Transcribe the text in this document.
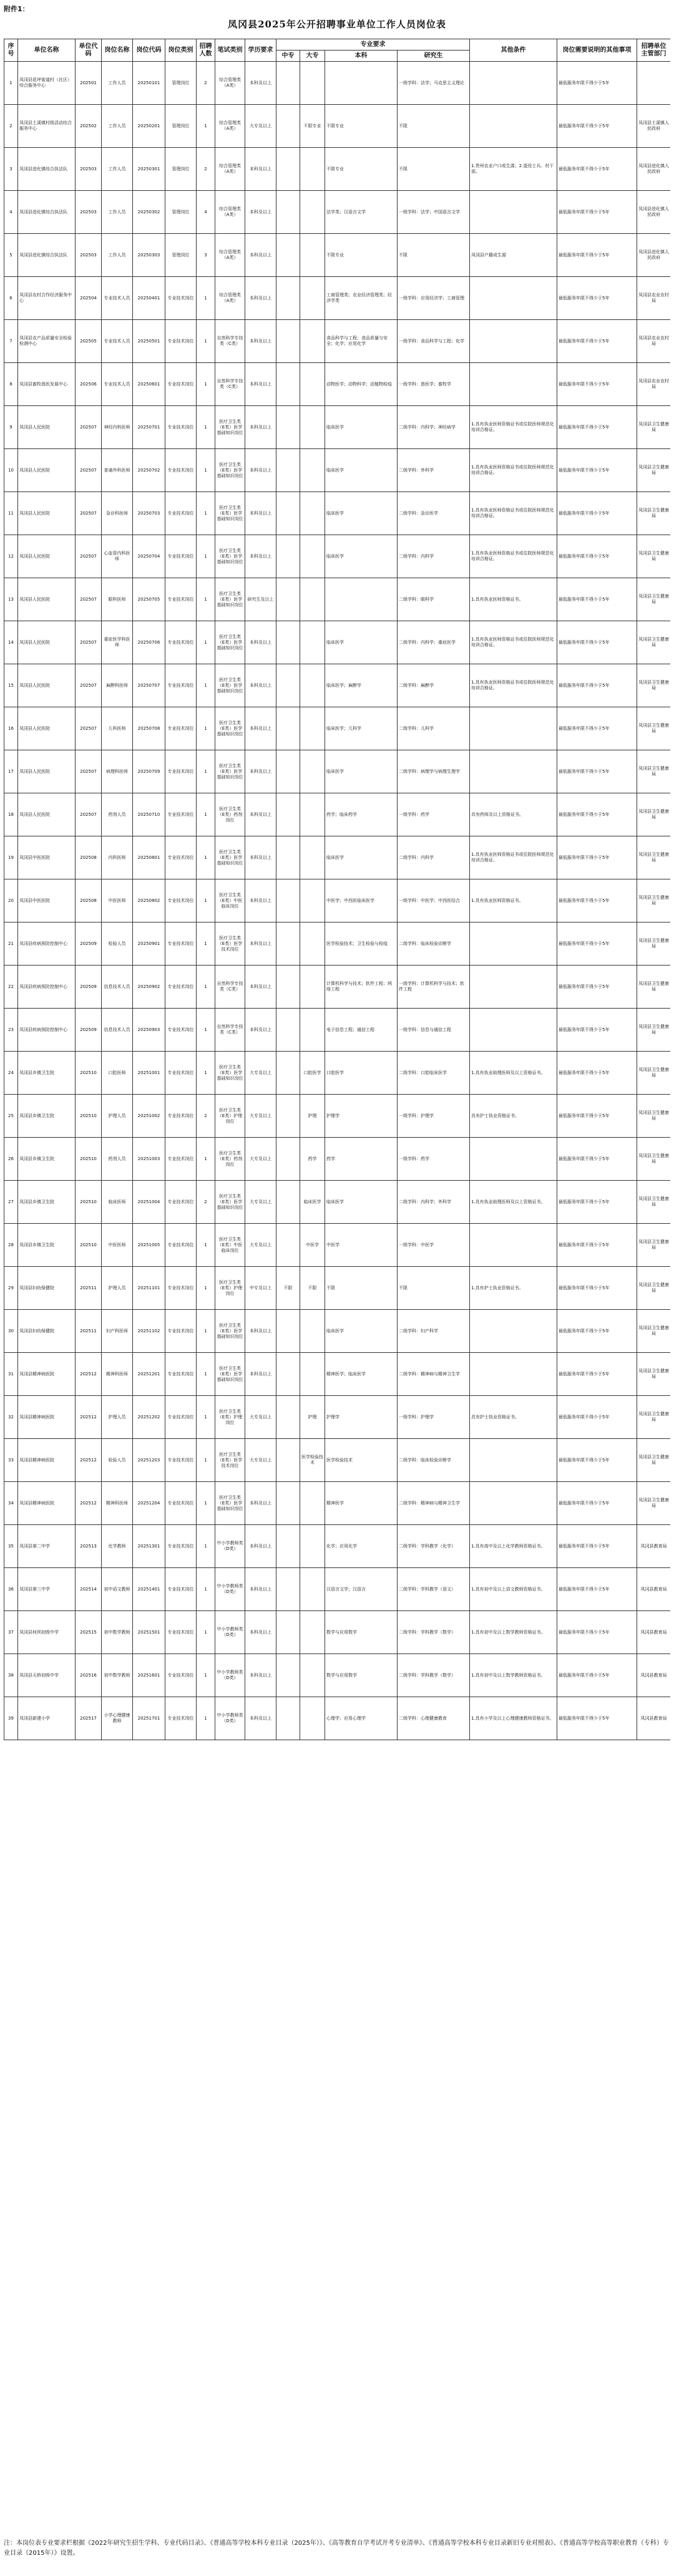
附件1：
凤冈县2025年公开招聘事业单位工作人员岗位表
序号	单位名称	单位代码	岗位名称	岗位代码	岗位类别	招聘人数	笔试类别	学历要求	专业要求				其他条件	岗位需要说明的其他事项	招聘单位主管部门
									中专	大专	本科	研究生			
1	凤冈县花坪街道村（社区）综合服务中心	202501	工作人员	20250101	管理岗位	2	综合管理类（A类）	本科及以上				一级学科：法学；马克思主义理论		最低服务年限不得少于5年	
2	凤冈县土溪镇村级活动综合服务中心	202502	工作人员	20250201	管理岗位	1	综合管理类（A类）	大专及以上		不限专业	不限专业	不限		最低服务年限不得少于5年	凤冈县土溪镇人民政府
3	凤冈县进化镇综合执法队	202503	工作人员	20250301	管理岗位	2	综合管理类（A类）	本科及以上			不限专业	不限	1.贵州农业户口或生源；2.退役士兵、村干部。	最低服务年限不得少于5年	凤冈县进化镇人民政府
4	凤冈县进化镇综合执法队	202503	工作人员	20250302	管理岗位	4	综合管理类（A类）	本科及以上			法学类；汉语言文学	一级学科：法学；中国语言文学		最低服务年限不得少于5年	凤冈县进化镇人民政府
5	凤冈县进化镇综合执法队	202503	工作人员	20250303	管理岗位	3	综合管理类（A类）	本科及以上			不限专业	不限	凤冈县户籍或生源	最低服务年限不得少于5年	凤冈县进化镇人民政府
6	凤冈县农村合作经济服务中心	202504	专业技术人员	20250401	专业技术岗位	1	综合管理类（A类）	本科及以上			工商管理类；农业经济管理类；经济学类	一级学科：应用经济学；工商管理		最低服务年限不得少于5年	凤冈县农业农村局
7	凤冈县农产品质量安全检验检测中心	202505	专业技术人员	20250501	专业技术岗位	1	自然科学专技类（C类）	本科及以上			食品科学与工程；食品质量与安全；化学；应用化学	一级学科：食品科学与工程；化学		最低服务年限不得少于5年	凤冈县农业农村局
8	凤冈县畜牧兽医发展中心	202506	专业技术人员	20250601	专业技术岗位	1	自然科学专技类（C类）	本科及以上			动物医学；动物科学；动植物检疫	一级学科：兽医学；畜牧学		最低服务年限不得少于5年	凤冈县农业农村局
9	凤冈县人民医院	202507	神经内科医师	20250701	专业技术岗位	1	医疗卫生类（E类）医学基础知识岗位	本科及以上			临床医学	二级学科：内科学；神经病学	1.具有执业医师资格证书或住院医师规范化培训合格证。	最低服务年限不得少于5年	凤冈县卫生健康局
10	凤冈县人民医院	202507	普通外科医师	20250702	专业技术岗位	1	医疗卫生类（E类）医学基础知识岗位	本科及以上			临床医学	二级学科：外科学	1.具有执业医师资格证书或住院医师规范化培训合格证。	最低服务年限不得少于5年	凤冈县卫生健康局
11	凤冈县人民医院	202507	急诊科医师	20250703	专业技术岗位	1	医疗卫生类（E类）医学基础知识岗位	本科及以上			临床医学	二级学科：急诊医学	1.具有执业医师资格证书或住院医师规范化培训合格证。	最低服务年限不得少于5年	凤冈县卫生健康局
12	凤冈县人民医院	202507	心血管内科医师	20250704	专业技术岗位	1	医疗卫生类（E类）医学基础知识岗位	本科及以上			临床医学	二级学科：内科学	1.具有执业医师资格证书或住院医师规范化培训合格证。	最低服务年限不得少于5年	凤冈县卫生健康局
13	凤冈县人民医院	202507	眼科医师	20250705	专业技术岗位	1	医疗卫生类（E类）医学基础知识岗位	研究生及以上				二级学科：眼科学	1.具有执业医师资格证书。	最低服务年限不得少于5年	凤冈县卫生健康局
14	凤冈县人民医院	202507	重症医学科医师	20250706	专业技术岗位	1	医疗卫生类（E类）医学基础知识岗位	本科及以上			临床医学	二级学科：内科学；重症医学	1.具有执业医师资格证书或住院医师规范化培训合格证。	最低服务年限不得少于5年	凤冈县卫生健康局
15	凤冈县人民医院	202507	麻醉科医师	20250707	专业技术岗位	1	医疗卫生类（E类）医学基础知识岗位	本科及以上			临床医学；麻醉学	二级学科：麻醉学	1.具有执业医师资格证书或住院医师规范化培训合格证。	最低服务年限不得少于5年	凤冈县卫生健康局
16	凤冈县人民医院	202507	儿科医师	20250708	专业技术岗位	1	医疗卫生类（E类）医学基础知识岗位	本科及以上			临床医学；儿科学	二级学科：儿科学		最低服务年限不得少于5年	凤冈县卫生健康局
17	凤冈县人民医院	202507	病理科医师	20250709	专业技术岗位	1	医疗卫生类（E类）医学基础知识岗位	本科及以上			临床医学	二级学科：病理学与病理生理学		最低服务年限不得少于5年	凤冈县卫生健康局
18	凤冈县人民医院	202507	药剂人员	20250710	专业技术岗位	1	医疗卫生类（E类）药剂岗位	本科及以上			药学；临床药学	一级学科：药学	具有药师及以上资格证书。	最低服务年限不得少于5年	凤冈县卫生健康局
19	凤冈县中医医院	202508	内科医师	20250801	专业技术岗位	1	医疗卫生类（E类）医学基础知识岗位	本科及以上			临床医学	二级学科：内科学	1.具有执业医师资格证书或住院医师规范化培训合格证。	最低服务年限不得少于5年	凤冈县卫生健康局
20	凤冈县中医医院	202508	中医医师	20250802	专业技术岗位	1	医疗卫生类（E类）中医临床岗位	本科及以上			中医学；中西医临床医学	一级学科：中医学；中西医结合	1.具有执业医师资格证书。	最低服务年限不得少于5年	凤冈县卫生健康局
21	凤冈县疾病预防控制中心	202509	检验人员	20250901	专业技术岗位	1	医疗卫生类（E类）医学技术岗位	本科及以上			医学检验技术；卫生检验与检疫	二级学科：临床检验诊断学		最低服务年限不得少于5年	凤冈县卫生健康局
22	凤冈县疾病预防控制中心	202509	信息技术人员	20250902	专业技术岗位	1	自然科学专技类（C类）	本科及以上			计算机科学与技术；软件工程；网络工程	一级学科：计算机科学与技术；软件工程		最低服务年限不得少于5年	凤冈县卫生健康局
23	凤冈县疾病预防控制中心	202509	信息技术人员	20250903	专业技术岗位	1	自然科学专技类（C类）	本科及以上			电子信息工程；通信工程	一级学科：信息与通信工程		最低服务年限不得少于5年	凤冈县卫生健康局
24	凤冈县乡镇卫生院	202510	口腔医师	20251001	专业技术岗位	1	医疗卫生类（E类）医学基础知识岗位	大专及以上		口腔医学	口腔医学	二级学科：口腔临床医学	1.具有执业助理医师及以上资格证书。	最低服务年限不得少于5年	凤冈县卫生健康局
25	凤冈县乡镇卫生院	202510	护理人员	20251002	专业技术岗位	2	医疗卫生类（E类）护理岗位	大专及以上		护理	护理学	一级学科：护理学	具有护士执业资格证书。	最低服务年限不得少于5年	凤冈县卫生健康局
26	凤冈县乡镇卫生院	202510	药剂人员	20251003	专业技术岗位	1	医疗卫生类（E类）药剂岗位	大专及以上		药学	药学	一级学科：药学		最低服务年限不得少于5年	凤冈县卫生健康局
27	凤冈县乡镇卫生院	202510	临床医师	20251004	专业技术岗位	2	医疗卫生类（E类）医学基础知识岗位	大专及以上		临床医学	临床医学	二级学科：内科学；外科学	1.具有执业助理医师及以上资格证书。	最低服务年限不得少于5年	凤冈县卫生健康局
28	凤冈县乡镇卫生院	202510	中医医师	20251005	专业技术岗位	1	医疗卫生类（E类）中医临床岗位	大专及以上		中医学	中医学	一级学科：中医学		最低服务年限不得少于5年	凤冈县卫生健康局
29	凤冈县妇幼保健院	202511	护理人员	20251101	专业技术岗位	1	医疗卫生类（E类）护理岗位	中专及以上	不限	不限	不限	不限	1.具有护士执业资格证书。	最低服务年限不得少于5年	凤冈县卫生健康局
30	凤冈县妇幼保健院	202511	妇产科医师	20251102	专业技术岗位	1	医疗卫生类（E类）医学基础知识岗位	本科及以上			临床医学	二级学科：妇产科学		最低服务年限不得少于5年	凤冈县卫生健康局
31	凤冈县精神病医院	202512	精神科医师	20251201	专业技术岗位	1	医疗卫生类（E类）医学基础知识岗位	本科及以上			精神医学；临床医学	二级学科：精神病与精神卫生学		最低服务年限不得少于5年	凤冈县卫生健康局
32	凤冈县精神病医院	202512	护理人员	20251202	专业技术岗位	1	医疗卫生类（E类）护理岗位	大专及以上		护理	护理学	一级学科：护理学	具有护士执业资格证书。	最低服务年限不得少于5年	凤冈县卫生健康局
33	凤冈县精神病医院	202512	检验人员	20251203	专业技术岗位	1	医疗卫生类（E类）医学技术岗位	大专及以上		医学检验技术	医学检验技术	二级学科：临床检验诊断学		最低服务年限不得少于5年	凤冈县卫生健康局
34	凤冈县精神病医院	202512	精神科医师	20251204	专业技术岗位	1	医疗卫生类（E类）医学基础知识岗位	本科及以上			精神医学	二级学科：精神病与精神卫生学		最低服务年限不得少于5年	凤冈县卫生健康局
35	凤冈县第二中学	202513	化学教师	20251301	专业技术岗位	1	中小学教师类（D类）	本科及以上			化学；应用化学	二级学科：学科教学（化学）	1.具有高中及以上化学教师资格证书。	最低服务年限不得少于5年	凤冈县教育局
36	凤冈县第三中学	202514	初中语文教师	20251401	专业技术岗位	1	中小学教师类（D类）	本科及以上			汉语言文学；汉语言	二级学科：学科教学（语文）	1.具有初中及以上语文教师资格证书。	最低服务年限不得少于5年	凤冈县教育局
37	凤冈县何坝初级中学	202515	初中数学教师	20251501	专业技术岗位	1	中小学教师类（D类）	本科及以上			数学与应用数学	二级学科：学科教学（数学）	1.具有初中及以上数学教师资格证书。	最低服务年限不得少于5年	凤冈县教育局
38	凤冈县天桥初级中学	202516	初中数学教师	20251601	专业技术岗位	1	中小学教师类（D类）	本科及以上			数学与应用数学	二级学科：学科教学（数学）	1.具有初中及以上数学教师资格证书。	最低服务年限不得少于5年	凤冈县教育局
39	凤冈县新建小学	202517	小学心理健康教师	20251701	专业技术岗位	1	中小学教师类（D类）	本科及以上			心理学；应用心理学	二级学科：心理健康教育	1.具有小学及以上心理健康教师资格证书。	最低服务年限不得少于5年	凤冈县教育局
注：本岗位表专业要求栏根据《2022年研究生招生学科、专业代码目录》、《普通高等学校本科专业目录（2025年）》、《高等教育自学考试开考专业清单》、《普通高等学校本科专业目录新旧专业对照表》、《普通高等学校高等职业教育（专科）专业目录（2015年）》设置。
